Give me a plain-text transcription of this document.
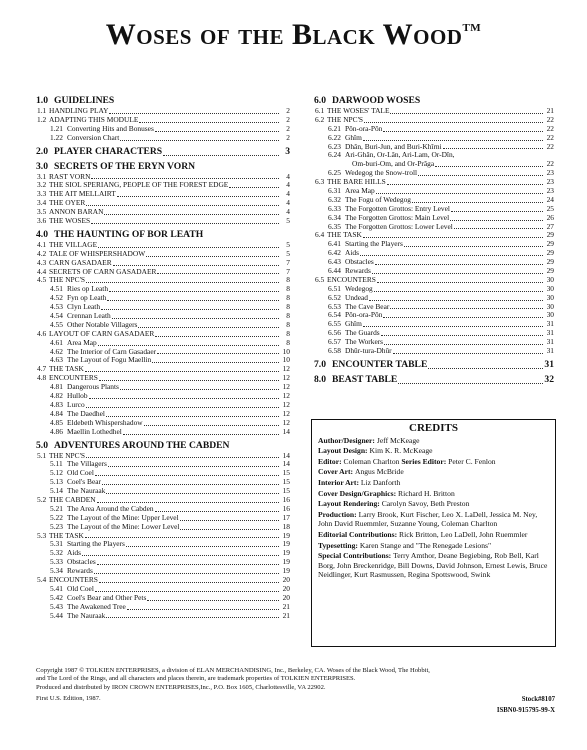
Woses of the Black Wood™
1.0 GUIDELINES
1.1 HANDLING PLAY	2
1.2 ADAPTING THIS MODULE	2
1.21 Converting Hits and Bonuses	2
1.22 Conversion Chart	2
2.0 PLAYER CHARACTERS	3
3.0 SECRETS OF THE ERYN VORN
3.1 RAST VORN	4
3.2 THE SIOL SPERIANG, PEOPLE OF THE FOREST EDGE	4
3.3 THE AIT MELLAIRT	4
3.4 THE OYER	4
3.5 ANNON BARAN	4
3.6 THE WOSES	5
4.0 THE HAUNTING OF BOR LEATH
4.1 THE VILLAGE	5
4.2 TALE OF WHISPERSHADOW	5
4.3 CARN GASADAER	7
4.4 SECRETS OF CARN GASADAER	7
4.5 THE NPC'S	8
4.51 Ries op Leath	8
4.52 Fyn op Leath	8
4.53 Clyn Leath	8
4.54 Crennan Leath	8
4.55 Other Notable Villagers	8
4.6 LAYOUT OF CARN GASADAER	8
4.61 Area Map	8
4.62 The Interior of Carn Gasadaer	10
4.63 The Layout of Fogu Maellin	10
4.7 THE TASK	12
4.8 ENCOUNTERS	12
4.81 Dangerous Plants	12
4.82 Hullob	12
4.83 Lurco	12
4.84 The Daedhel	12
4.85 Eldebeth Whispershadow	12
4.86 Maellin Lothedhel	14
5.0 ADVENTURES AROUND THE CABDEN
5.1 THE NPC'S	14
5.11 The Villagers	14
5.12 Old Coel	15
5.13 Coel's Bear	15
5.14 The Nauraak	15
5.2 THE CABDEN	16
5.21 The Area Around the Cabden	16
5.22 The Layout of the Mine: Upper Level	17
5.23 The Layout of the Mine: Lower Level	18
5.3 THE TASK	19
5.31 Starting the Players	19
5.32 Aids	19
5.33 Obstacles	19
5.34 Rewards	19
5.4 ENCOUNTERS	20
5.41 Old Coel	20
5.42 Coel's Bear and Other Pets	20
5.43 The Awakened Tree	21
5.44 The Nauraak	21
6.0 DARWOOD WOSES
6.1 THE WOSES' TALE	21
6.2 THE NPC'S	22
6.21 Pôn-ora-Pôn	22
6.22 Ghîm	22
6.23 Dhân, Buri-Jun, and Buri-Khîrni	22
6.24 Ari-Ghân, Or-Lân, Ari-Lam, Or-Dîn,
Om-buri-Om, and Or-Prâga	22
6.25 Wedegog the Snow-troll	23
6.3 THE BARE HILLS	23
6.31 Area Map	23
6.32 The Fogu of Wedegog	24
6.33 The Forgotten Grottos: Entry Level	25
6.34 The Forgotten Grottos: Main Level	26
6.35 The Forgotten Grottos: Lower Level	27
6.4 THE TASK	29
6.41 Starting the Players	29
6.42 Aids	29
6.43 Obstacles	29
6.44 Rewards	29
6.5 ENCOUNTERS	30
6.51 Wedegog	30
6.52 Undead	30
6.53 The Cave Bear	30
6.54 Pôn-ora-Pôn	30
6.55 Ghîm	31
6.56 The Guards	31
6.57 The Workers	31
6.58 Dhûr-tura-Dhûr	31
7.0 ENCOUNTER TABLE	31
8.0 BEAST TABLE	32
CREDITS
Author/Designer: Jeff McKeage
Layout Design: Kim K. R. McKeage
Editor: Coleman Charlton Series Editor: Peter C. Fenlon
Cover Art: Angus McBride
Interior Art: Liz Danforth
Cover Design/Graphics: Richard H. Britton
Layout Rendering: Carolyn Savoy, Beth Preston
Production: Larry Brook, Kurt Fischer, Leo X. LaDell, Jessica M. Ney, John David Ruemmler, Suzanne Young, Coleman Charlton
Editorial Contributions: Rick Britton, Leo LaDell, John Ruemmler
Typesetting: Karen Stange and "The Renegade Lesions"
Special Contributions: Terry Amthor, Deane Begiebing, Rob Bell, Karl Borg, John Breckenridge, Bill Downs, David Johnson, Ernest Lewis, Bruce Neidlinger, Kurt Rasmussen, Regina Spottswood, Swink
Copyright 1987 © TOLKIEN ENTERPRISES, a division of ELAN MERCHANDISING, Inc., Berkeley, CA. Woses of the Black Wood, The Hobbit,
and The Lord of the Rings, and all characters and places therein, are trademark properties of TOLKIEN ENTERPRISES.
Produced and distributed by IRON CROWN ENTERPRISES,Inc., P.O. Box 1605, Charlottesville, VA 22902.
First U.S. Edition, 1987.	Stock#8107
ISBN0-915795-99-X
